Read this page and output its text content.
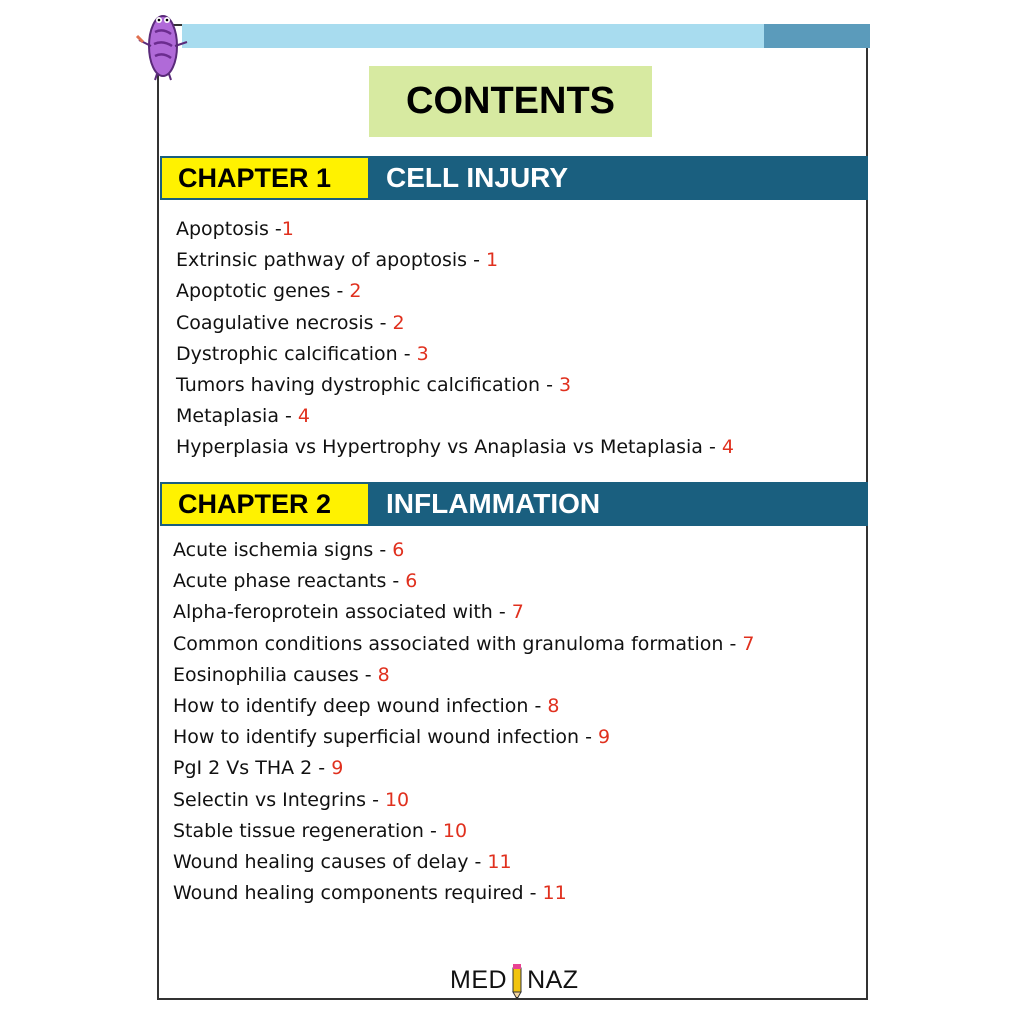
CONTENTS
CHAPTER 1	CELL INJURY
Apoptosis -1
Extrinsic pathway of apoptosis - 1
Apoptotic genes - 2
Coagulative necrosis - 2
Dystrophic calcification - 3
Tumors having dystrophic calcification - 3
Metaplasia - 4
Hyperplasia vs Hypertrophy vs Anaplasia vs Metaplasia - 4
CHAPTER 2	INFLAMMATION
Acute ischemia signs - 6
Acute phase reactants - 6
Alpha-feroprotein associated with - 7
Common conditions associated with granuloma formation - 7
Eosinophilia causes - 8
How to identify deep wound infection - 8
How to identify superficial wound infection - 9
PgI 2 Vs THA 2 - 9
Selectin vs Integrins - 10
Stable tissue regeneration - 10
Wound healing causes of delay - 11
Wound healing components required - 11
MED NAZ
